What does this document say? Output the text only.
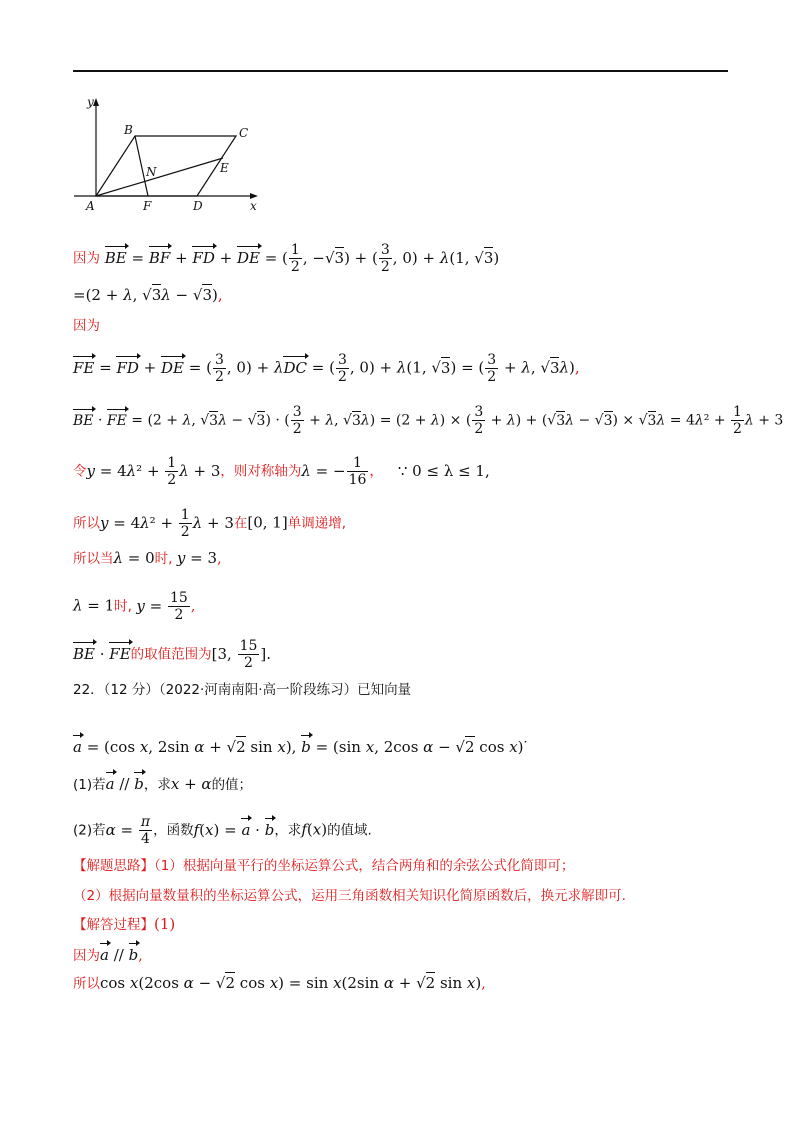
y
x
A
B	C
D
E
F
N
因为 BE = BF + FD + DE = ( $\frac{1}{2}$ , −√3) + ( $\frac{3}{2}$ , 0) + λ(1, √3)
=(2 + λ, √3λ − √3),
因为
FE = FD + DE = ( $\frac{3}{2}$ , 0) + λDC = ( $\frac{3}{2}$ , 0) + λ(1, √3) = ( $\frac{3}{2} + \lambda$, √3λ),
BE · FE = (2 + λ, √3λ − √3) · ( $\frac{3}{2} + \lambda$, √3λ) = (2 + λ) × ( $\frac{3}{2} + \lambda) + (√3\lambda - √3) \times √3\lambda = 4\lambda^2 + \frac{1}{2}$ λ + 3
令$y = 4\lambda^2 + \frac{1}{2}$ λ + 3，则对称轴为λ = − $\frac{1}{16}$ ， ∵ 0 ≤ λ ≤ 1,
所以$y = 4\lambda^2 + \frac{1}{2}$ λ + 3在[0, 1]单调递增,
所以当λ = 0时, y = 3,
λ = 1时, $y = \frac{15}{2}$ ,
BE · FE的取值范围为[3, $\frac{15}{2}$ ].
22．（12 分）（2022·河南南阳·高一阶段练习）已知向量
a = (cos x, 2sin α + √2 sin x), b = (sin x, 2cos α − √2 cos x)·
(1)若a // b，求x + α的值；
(2)若$\alpha = \frac{\pi}{4}$ ，函数f(x) = a · b，求f(x)的值域.
【解题思路】（1）根据向量平行的坐标运算公式，结合两角和的余弦公式化简即可；
（2）根据向量数量积的坐标运算公式，运用三角函数相关知识化简原函数后，换元求解即可.
【解答过程】(1)
因为a // b,
所以cos x(2cos α − √2 cos x) = sin x(2sin α + √2 sin x),
